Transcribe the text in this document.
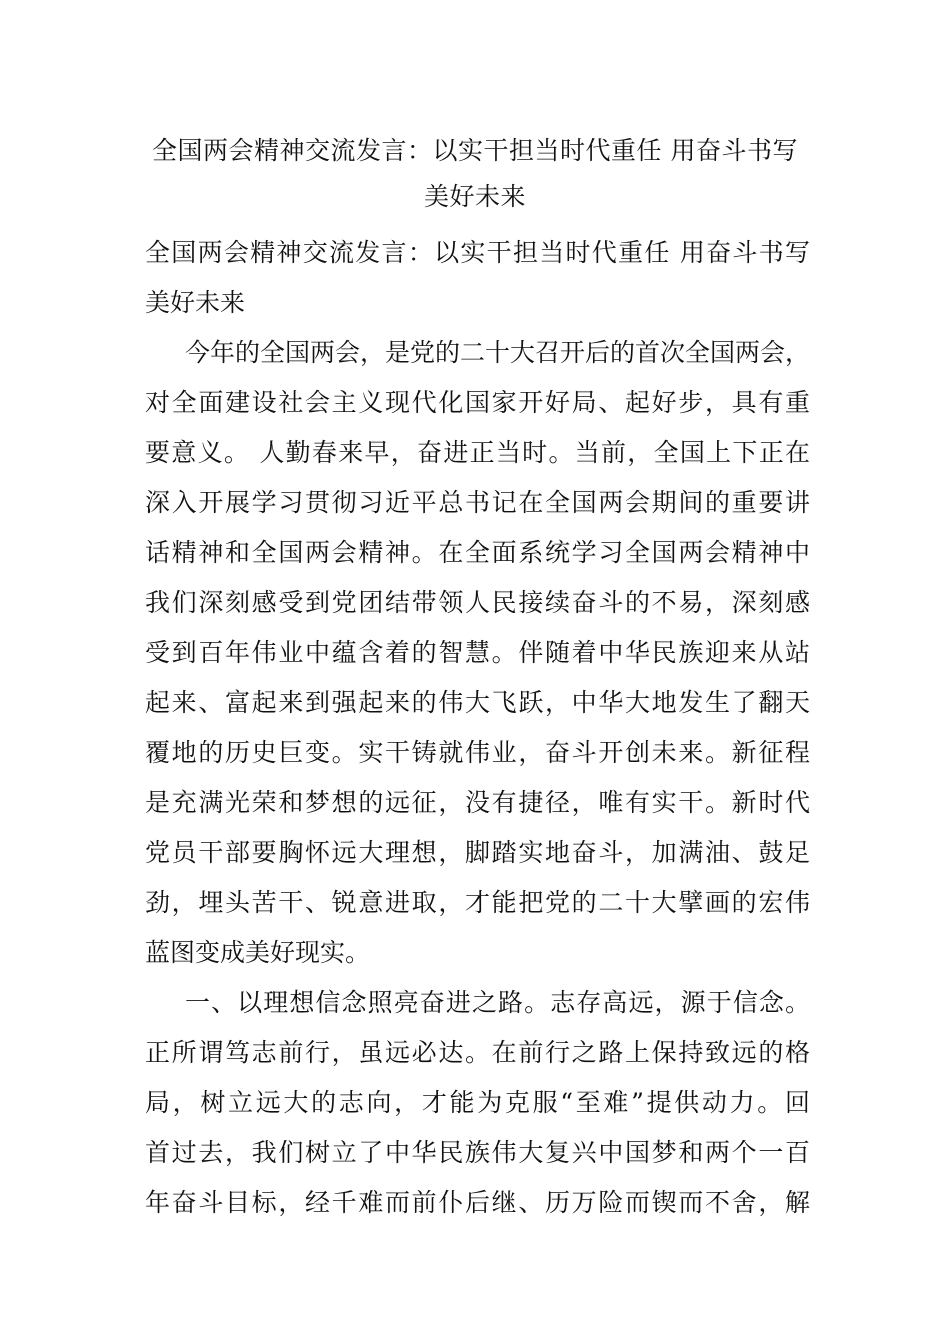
全国两会精神交流发言：以实干担当时代重任 用奋斗书写
美好未来
全国两会精神交流发言：以实干担当时代重任 用奋斗书写
美好未来
今年的全国两会，是党的二十大召开后的首次全国两会，
对全面建设社会主义现代化国家开好局、起好步，具有重
要意义。 人勤春来早，奋进正当时。当前，全国上下正在
深入开展学习贯彻习近平总书记在全国两会期间的重要讲
话精神和全国两会精神。在全面系统学习全国两会精神中
我们深刻感受到党团结带领人民接续奋斗的不易，深刻感
受到百年伟业中蕴含着的智慧。伴随着中华民族迎来从站
起来、富起来到强起来的伟大飞跃，中华大地发生了翻天
覆地的历史巨变。实干铸就伟业，奋斗开创未来。新征程
是充满光荣和梦想的远征，没有捷径，唯有实干。新时代
党员干部要胸怀远大理想，脚踏实地奋斗，加满油、鼓足
劲，埋头苦干、锐意进取，才能把党的二十大擘画的宏伟
蓝图变成美好现实。
一、以理想信念照亮奋进之路。志存高远，源于信念。
正所谓笃志前行，虽远必达。在前行之路上保持致远的格
局，树立远大的志向，才能为克服“至难”提供动力。回
首过去，我们树立了中华民族伟大复兴中国梦和两个一百
年奋斗目标，经千难而前仆后继、历万险而锲而不舍，解
